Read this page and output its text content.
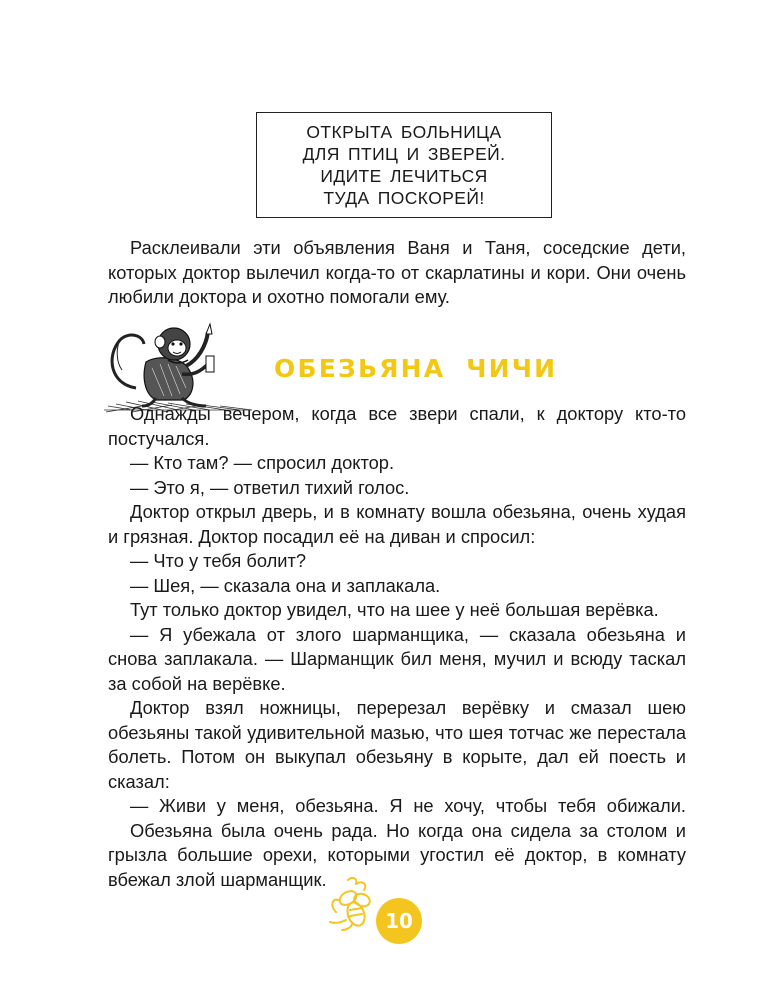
ОТКРЫТА БОЛЬНИЦА
ДЛЯ ПТИЦ И ЗВЕРЕЙ.
ИДИТЕ ЛЕЧИТЬСЯ
ТУДА ПОСКОРЕЙ!

Расклеивали эти объявления Ваня и Таня, соседские дети, которых доктор вылечил когда-то от скарлатины и кори. Они очень любили доктора и охотно помогали ему.

ОБЕЗЬЯНА ЧИЧИ

Однажды вечером, когда все звери спали, к доктору кто-то постучался.

— Кто там? — спросил доктор.

— Это я, — ответил тихий голос.

Доктор открыл дверь, и в комнату вошла обезьяна, очень худая и грязная. Доктор посадил её на диван и спросил:

— Что у тебя болит?

— Шея, — сказала она и заплакала.

Тут только доктор увидел, что на шее у неё большая верёвка.

— Я убежала от злого шарманщика, — сказала обезьяна и снова заплакала. — Шарманщик бил меня, мучил и всюду таскал за собой на верёвке.

Доктор взял ножницы, перерезал верёвку и смазал шею обезьяны такой удивительной мазью, что шея тотчас же перестала болеть. Потом он выкупал обезьяну в корыте, дал ей поесть и сказал:

— Живи у меня, обезьяна. Я не хочу, чтобы тебя обижали.

Обезьяна была очень рада. Но когда она сидела за столом и грызла большие орехи, которыми угостил её доктор, в комнату вбежал злой шарманщик.

10
